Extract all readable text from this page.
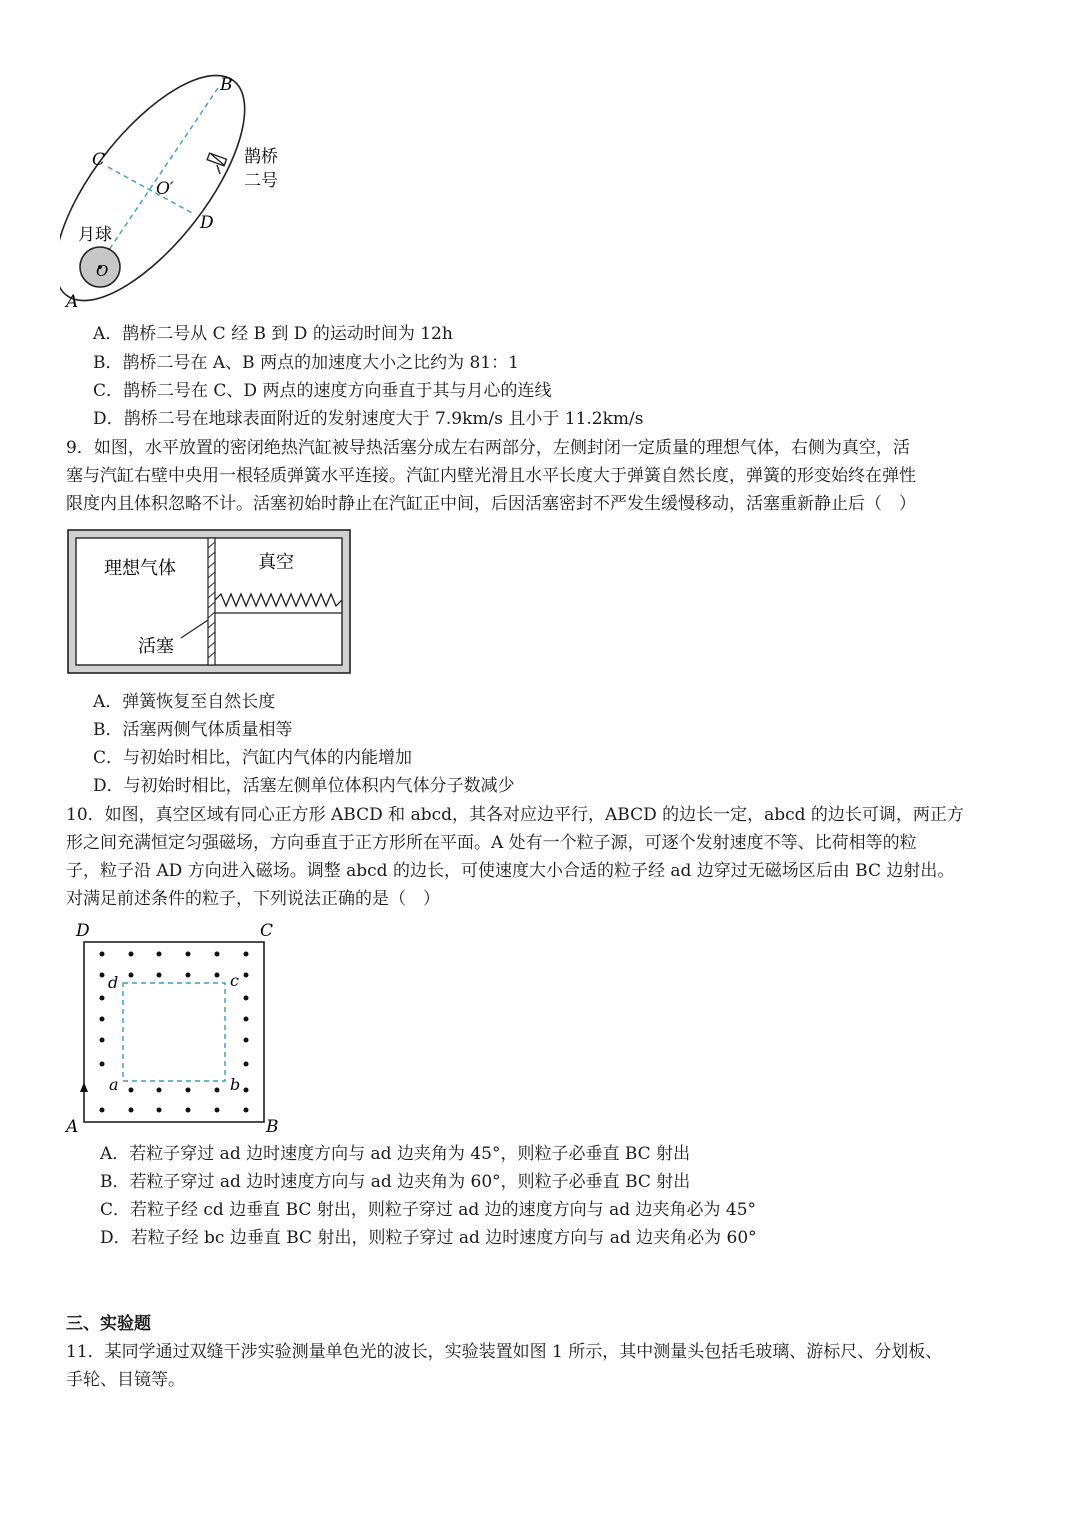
B
C
D
O′
O
A
月球
鹊桥
二号
A．鹊桥二号从 C 经 B 到 D 的运动时间为 12h
B．鹊桥二号在 A、B 两点的加速度大小之比约为 81：1
C．鹊桥二号在 C、D 两点的速度方向垂直于其与月心的连线
D．鹊桥二号在地球表面附近的发射速度大于 7.9km/s 且小于 11.2km/s
9．如图，水平放置的密闭绝热汽缸被导热活塞分成左右两部分，左侧封闭一定质量的理想气体，右侧为真空，活
塞与汽缸右壁中央用一根轻质弹簧水平连接。汽缸内壁光滑且水平长度大于弹簧自然长度，弹簧的形变始终在弹性
限度内且体积忽略不计。活塞初始时静止在汽缸正中间，后因活塞密封不严发生缓慢移动，活塞重新静止后（　）
理想气体	真空
活塞
A．弹簧恢复至自然长度
B．活塞两侧气体质量相等
C．与初始时相比，汽缸内气体的内能增加
D．与初始时相比，活塞左侧单位体积内气体分子数减少
10．如图，真空区域有同心正方形 ABCD 和 abcd，其各对应边平行，ABCD 的边长一定，abcd 的边长可调，两正方
形之间充满恒定匀强磁场，方向垂直于正方形所在平面。A 处有一个粒子源，可逐个发射速度不等、比荷相等的粒
子，粒子沿 AD 方向进入磁场。调整 abcd 的边长，可使速度大小合适的粒子经 ad 边穿过无磁场区后由 BC 边射出。
对满足前述条件的粒子，下列说法正确的是（　）
D	C
A	B
d	c
a	b
A．若粒子穿过 ad 边时速度方向与 ad 边夹角为 45°，则粒子必垂直 BC 射出
B．若粒子穿过 ad 边时速度方向与 ad 边夹角为 60°，则粒子必垂直 BC 射出
C．若粒子经 cd 边垂直 BC 射出，则粒子穿过 ad 边的速度方向与 ad 边夹角必为 45°
D．若粒子经 bc 边垂直 BC 射出，则粒子穿过 ad 边时速度方向与 ad 边夹角必为 60°
三、实验题
11．某同学通过双缝干涉实验测量单色光的波长，实验装置如图 1 所示，其中测量头包括毛玻璃、游标尺、分划板、
手轮、目镜等。
